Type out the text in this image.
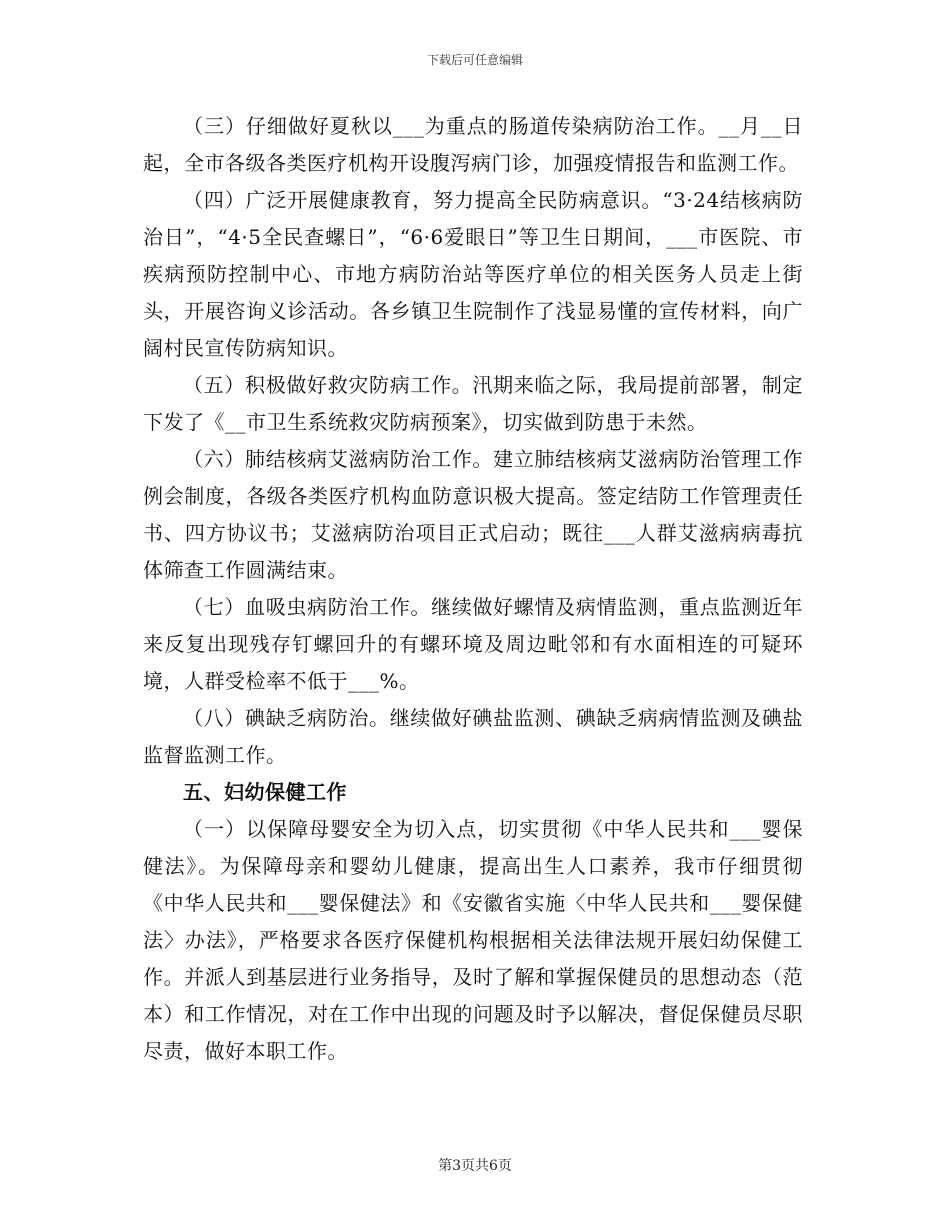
下载后可任意编辑

（三）仔细做好夏秋以___为重点的肠道传染病防治工作。__月__日起，全市各级各类医疗机构开设腹泻病门诊，加强疫情报告和监测工作。

（四）广泛开展健康教育，努力提高全民防病意识。“3·24结核病防治日”，“4·5全民查螺日”，“6·6爱眼日”等卫生日期间，___市医院、市疾病预防控制中心、市地方病防治站等医疗单位的相关医务人员走上街头，开展咨询义诊活动。各乡镇卫生院制作了浅显易懂的宣传材料，向广阔村民宣传防病知识。

（五）积极做好救灾防病工作。汛期来临之际，我局提前部署，制定下发了《__市卫生系统救灾防病预案》，切实做到防患于未然。

（六）肺结核病艾滋病防治工作。建立肺结核病艾滋病防治管理工作例会制度，各级各类医疗机构血防意识极大提高。签定结防工作管理责任书、四方协议书；艾滋病防治项目正式启动；既往___人群艾滋病病毒抗体筛查工作圆满结束。

（七）血吸虫病防治工作。继续做好螺情及病情监测，重点监测近年来反复出现残存钉螺回升的有螺环境及周边毗邻和有水面相连的可疑环境，人群受检率不低于___%。

（八）碘缺乏病防治。继续做好碘盐监测、碘缺乏病病情监测及碘盐监督监测工作。

五、妇幼保健工作

（一）以保障母婴安全为切入点，切实贯彻《中华人民共和___婴保健法》。为保障母亲和婴幼儿健康，提高出生人口素养，我市仔细贯彻《中华人民共和___婴保健法》和《安徽省实施〈中华人民共和___婴保健法〉办法》，严格要求各医疗保健机构根据相关法律法规开展妇幼保健工作。并派人到基层进行业务指导，及时了解和掌握保健员的思想动态（范本）和工作情况，对在工作中出现的问题及时予以解决，督促保健员尽职尽责，做好本职工作。

第3页共6页
